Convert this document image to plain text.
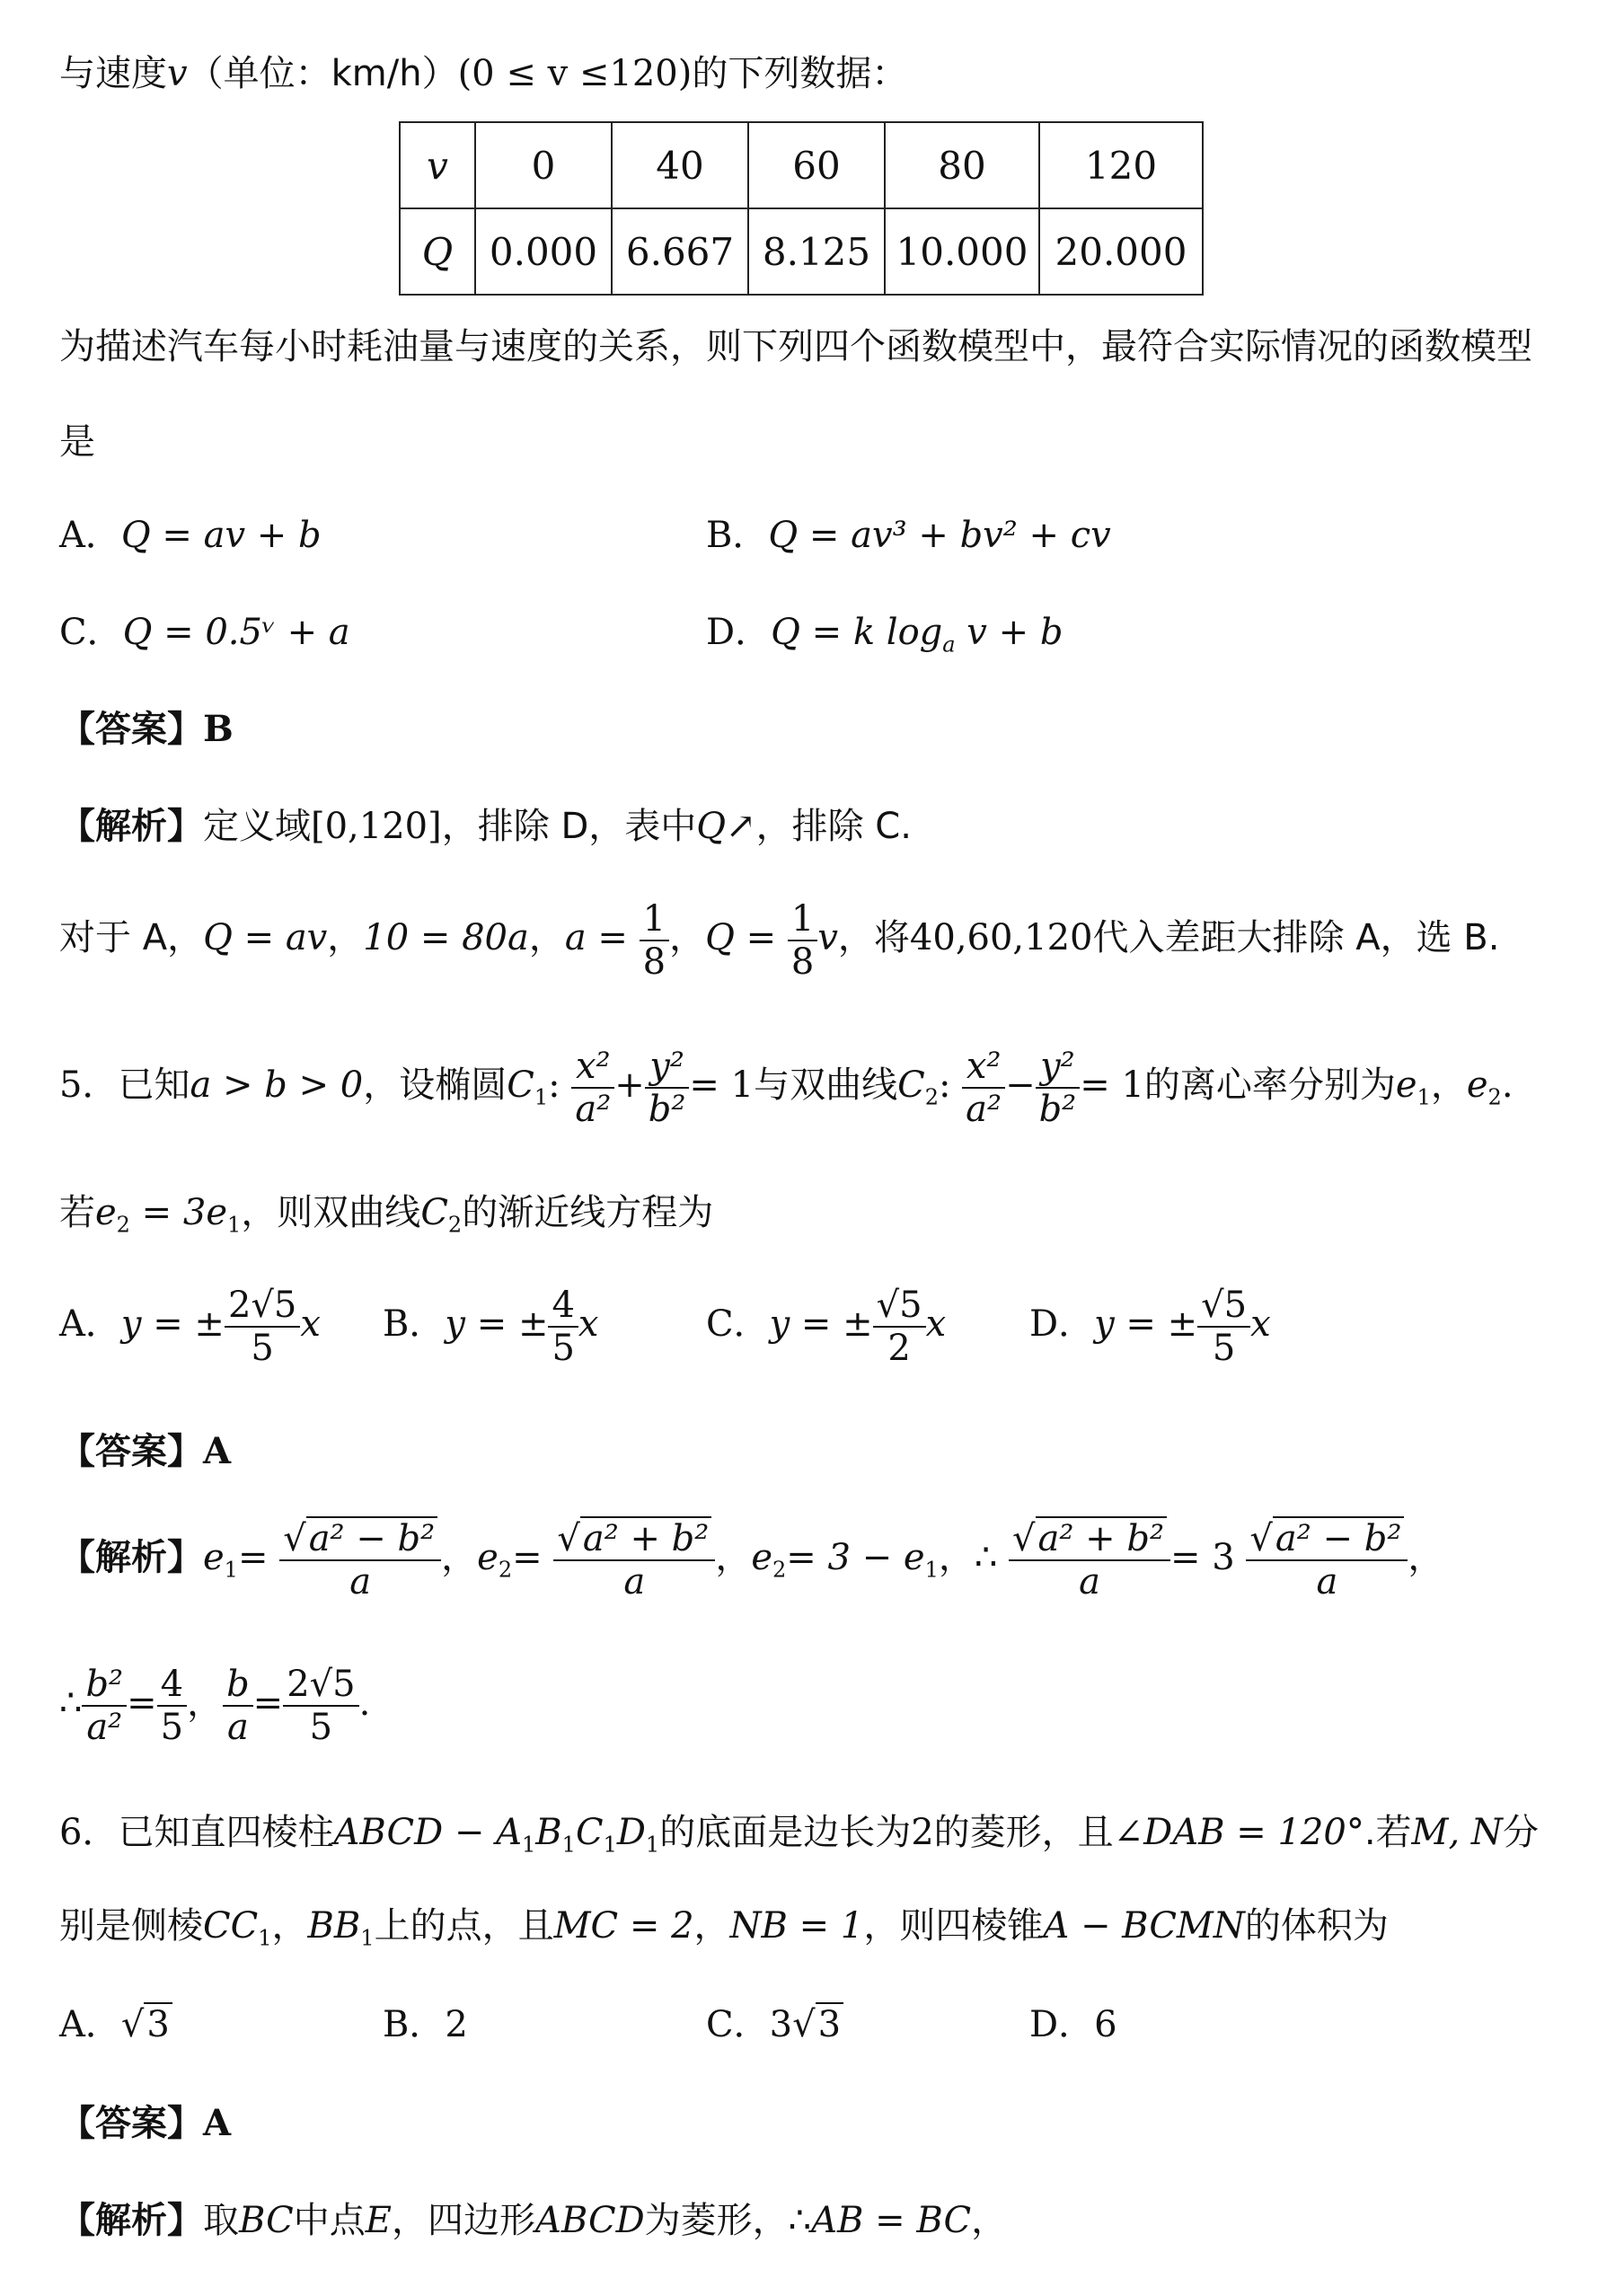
与速度v（单位：km/h）(0 ≤ v ≤120)的下列数据：
v	0	40	60	80	120
Q	0.000	6.667	8.125	10.000	20.000
为描述汽车每小时耗油量与速度的关系，则下列四个函数模型中，最符合实际情况的函数模型
是
A．Q = av + b	B．Q = av³ + bv² + cv
C．Q = 0.5ᵛ + a	D．Q = k $\log_a v + b$
【答案】B
【解析】定义域[0,120]，排除 D，表中Q↗，排除 C.
对于 A，Q = av，10 = 80a，$a = \frac{1}{8}$ ，$Q = \frac{1}{8}$ v，将40,60,120代入差距大排除 A，选 B.
5．已知a > b > 0，设椭圆$C_1$: $\frac{\text{x²}}{\text{a²}} + \frac{\text{y²}}{\text{b²}} = 1$与双曲线$C_2$: $\frac{\text{x²}}{\text{a²}} - \frac{\text{y²}}{\text{b²}} = 1$的离心率分别为$e_1$，$e_2$.
若$e_2 = 3e_1$，则双曲线$C_2$的渐近线方程为
A．y = ± $\frac{2√5}{5}$ x B．y = ± $\frac{4}{5}$ x	C．y = ± $\frac{√5}{2}$ x D．y = ± $\frac{√5}{5}$ x
【答案】A
【解析】$e_1= \frac{\text{√a² − b²}}{a}$ ，$e_2= \frac{\text{√a² + b²}}{a}$ ，$e_2= 3 - e_1$，∴ $\frac{\text{√a² + b²}}{a} = 3 \frac{\text{√a² − b²}}{a}$ ，
∴ $\frac{\text{b²}}{\text{a²}} = \frac{4}{5}$ ， $\frac{b}{a} = \frac{2√5}{5}$ .
6．已知直四棱柱ABCD − $A_1B_1C_1D_1$的底面是边长为2的菱形，且∠DAB = 120°.若M, N分
别是侧棱$CC_1$，$BB_1$上的点，且MC = 2，NB = 1，则四棱锥A − BCMN的体积为
A．√3	B．2	C．3√3	D．6
【答案】A
【解析】取BC中点E，四边形ABCD为菱形，∴AB = BC，
